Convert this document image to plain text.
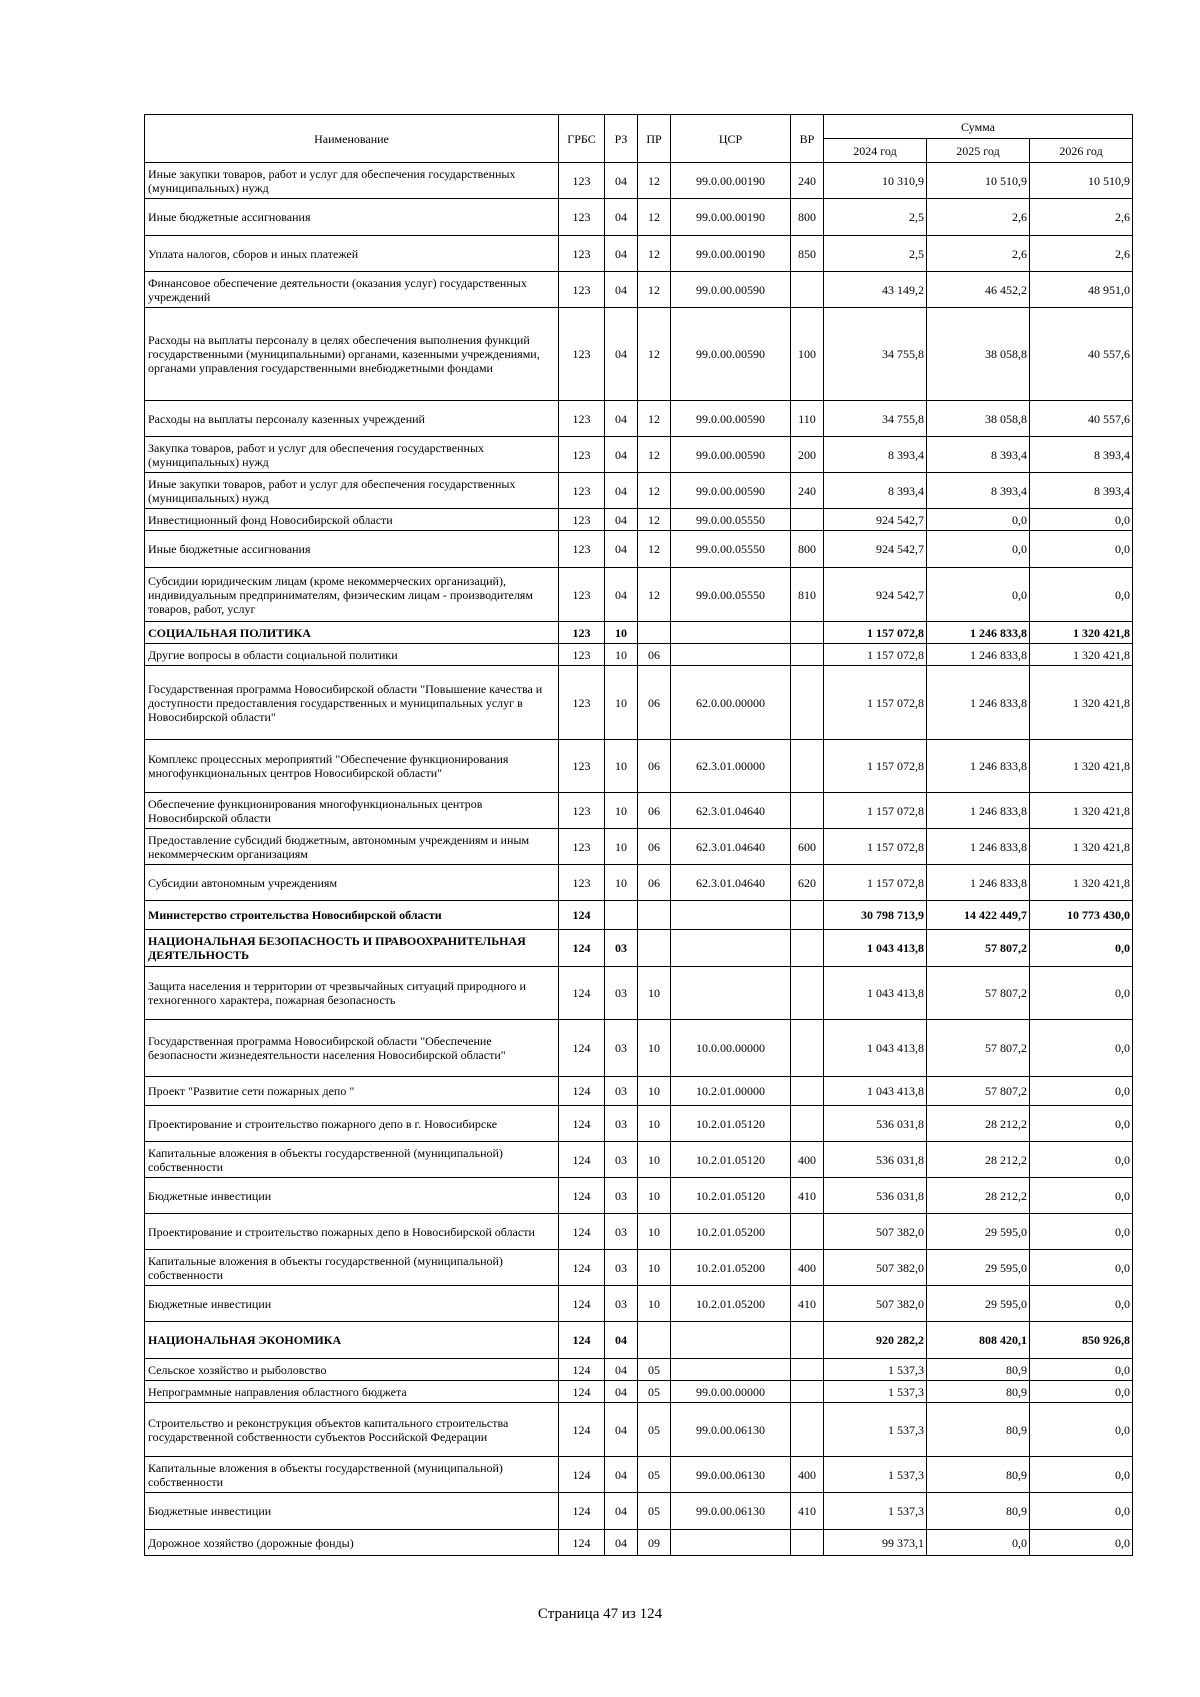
Наименование	ГРБС	РЗ	ПР	ЦСР	ВР	Сумма		
						2024 год	2025 год	2026 год
Иные закупки товаров, работ и услуг для обеспечения государственных (муниципальных) нужд	123	04	12	99.0.00.00190	240	10 310,9	10 510,9	10 510,9
Иные бюджетные ассигнования	123	04	12	99.0.00.00190	800	2,5	2,6	2,6
Уплата налогов, сборов и иных платежей	123	04	12	99.0.00.00190	850	2,5	2,6	2,6
Финансовое обеспечение деятельности (оказания услуг) государственных учреждений	123	04	12	99.0.00.00590		43 149,2	46 452,2	48 951,0
Расходы на выплаты персоналу в целях обеспечения выполнения функций государственными (муниципальными) органами, казенными учреждениями, органами управления государственными внебюджетными фондами	123	04	12	99.0.00.00590	100	34 755,8	38 058,8	40 557,6
Расходы на выплаты персоналу казенных учреждений	123	04	12	99.0.00.00590	110	34 755,8	38 058,8	40 557,6
Закупка товаров, работ и услуг для обеспечения государственных (муниципальных) нужд	123	04	12	99.0.00.00590	200	8 393,4	8 393,4	8 393,4
Иные закупки товаров, работ и услуг для обеспечения государственных (муниципальных) нужд	123	04	12	99.0.00.00590	240	8 393,4	8 393,4	8 393,4
Инвестиционный фонд Новосибирской области	123	04	12	99.0.00.05550		924 542,7	0,0	0,0
Иные бюджетные ассигнования	123	04	12	99.0.00.05550	800	924 542,7	0,0	0,0
Субсидии юридическим лицам (кроме некоммерческих организаций), индивидуальным предпринимателям, физическим лицам - производителям товаров, работ, услуг	123	04	12	99.0.00.05550	810	924 542,7	0,0	0,0
СОЦИАЛЬНАЯ ПОЛИТИКА	123	10				1 157 072,8	1 246 833,8	1 320 421,8
Другие вопросы в области социальной политики	123	10	06			1 157 072,8	1 246 833,8	1 320 421,8
Государственная программа Новосибирской области "Повышение качества и доступности предоставления государственных и муниципальных услуг в Новосибирской области"	123	10	06	62.0.00.00000		1 157 072,8	1 246 833,8	1 320 421,8
Комплекс процессных мероприятий "Обеспечение функционирования многофункциональных центров Новосибирской области"	123	10	06	62.3.01.00000		1 157 072,8	1 246 833,8	1 320 421,8
Обеспечение функционирования многофункциональных центров Новосибирской области	123	10	06	62.3.01.04640		1 157 072,8	1 246 833,8	1 320 421,8
Предоставление субсидий бюджетным, автономным учреждениям и иным некоммерческим организациям	123	10	06	62.3.01.04640	600	1 157 072,8	1 246 833,8	1 320 421,8
Субсидии автономным учреждениям	123	10	06	62.3.01.04640	620	1 157 072,8	1 246 833,8	1 320 421,8
Министерство строительства Новосибирской области	124					30 798 713,9	14 422 449,7	10 773 430,0
НАЦИОНАЛЬНАЯ БЕЗОПАСНОСТЬ И ПРАВООХРАНИТЕЛЬНАЯ ДЕЯТЕЛЬНОСТЬ	124	03				1 043 413,8	57 807,2	0,0
Защита населения и территории от чрезвычайных ситуаций природного и техногенного характера, пожарная безопасность	124	03	10			1 043 413,8	57 807,2	0,0
Государственная программа Новосибирской области "Обеспечение безопасности жизнедеятельности населения Новосибирской области"	124	03	10	10.0.00.00000		1 043 413,8	57 807,2	0,0
Проект "Развитие сети пожарных депо "	124	03	10	10.2.01.00000		1 043 413,8	57 807,2	0,0
Проектирование и строительство пожарного депо в г. Новосибирске	124	03	10	10.2.01.05120		536 031,8	28 212,2	0,0
Капитальные вложения в объекты государственной (муниципальной) собственности	124	03	10	10.2.01.05120	400	536 031,8	28 212,2	0,0
Бюджетные инвестиции	124	03	10	10.2.01.05120	410	536 031,8	28 212,2	0,0
Проектирование и строительство пожарных депо в Новосибирской области	124	03	10	10.2.01.05200		507 382,0	29 595,0	0,0
Капитальные вложения в объекты государственной (муниципальной) собственности	124	03	10	10.2.01.05200	400	507 382,0	29 595,0	0,0
Бюджетные инвестиции	124	03	10	10.2.01.05200	410	507 382,0	29 595,0	0,0
НАЦИОНАЛЬНАЯ ЭКОНОМИКА	124	04				920 282,2	808 420,1	850 926,8
Сельское хозяйство и рыболовство	124	04	05			1 537,3	80,9	0,0
Непрограммные направления областного бюджета	124	04	05	99.0.00.00000		1 537,3	80,9	0,0
Строительство и реконструкция объектов капитального строительства государственной собственности субъектов Российской Федерации	124	04	05	99.0.00.06130		1 537,3	80,9	0,0
Капитальные вложения в объекты государственной (муниципальной) собственности	124	04	05	99.0.00.06130	400	1 537,3	80,9	0,0
Бюджетные инвестиции	124	04	05	99.0.00.06130	410	1 537,3	80,9	0,0
Дорожное хозяйство (дорожные фонды)	124	04	09			99 373,1	0,0	0,0
Страница 47 из 124
